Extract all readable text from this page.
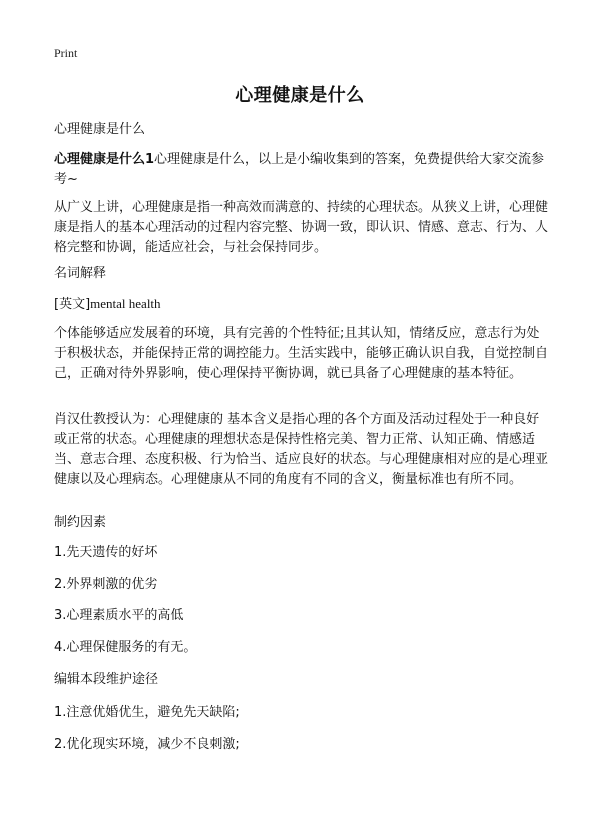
Print
心理健康是什么
心理健康是什么
心理健康是什么1心理健康是什么，以上是小编收集到的答案，免费提供给大家交流参考~
从广义上讲，心理健康是指一种高效而满意的、持续的心理状态。从狭义上讲，心理健康是指人的基本心理活动的过程内容完整、协调一致，即认识、情感、意志、行为、人格完整和协调，能适应社会，与社会保持同步。
名词解释
[英文]mental health
个体能够适应发展着的环境，具有完善的个性特征;且其认知，情绪反应，意志行为处于积极状态，并能保持正常的调控能力。生活实践中，能够正确认识自我，自觉控制自己，正确对待外界影响，使心理保持平衡协调，就已具备了心理健康的基本特征。
肖汉仕教授认为：心理健康的 基本含义是指心理的各个方面及活动过程处于一种良好或正常的状态。心理健康的理想状态是保持性格完美、智力正常、认知正确、情感适当、意志合理、态度积极、行为恰当、适应良好的状态。与心理健康相对应的是心理亚健康以及心理病态。心理健康从不同的角度有不同的含义，衡量标准也有所不同。
制约因素
1.先天遗传的好坏
2.外界刺激的优劣
3.心理素质水平的高低
4.心理保健服务的有无。
编辑本段维护途径
1.注意优婚优生，避免先天缺陷;
2.优化现实环境，减少不良刺激;
